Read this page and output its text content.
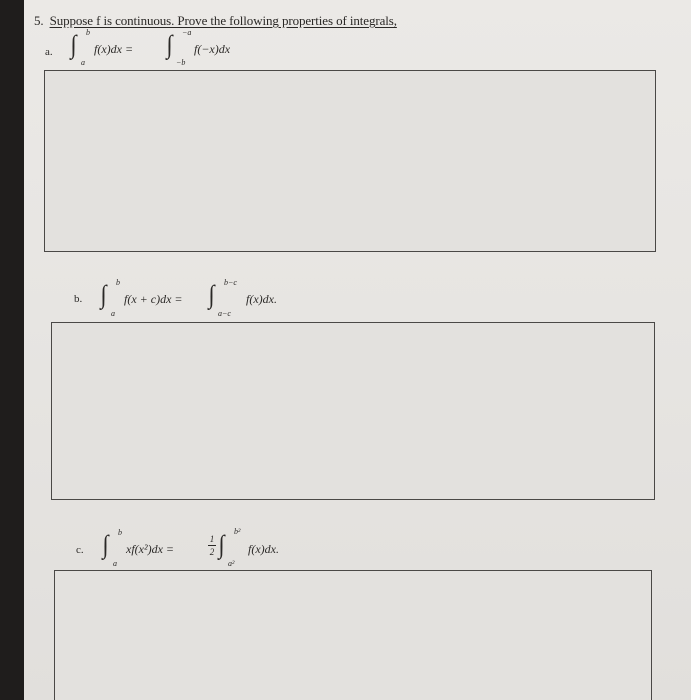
5. Suppose f is continuous. Prove the following properties of integrals,
a. ∫ b
a
f(x)dx = ∫ −a
−b
f(−x)dx
b. ∫ b
a
f(x + c)dx = ∫ b−c
a−c
f(x)dx.
c. ∫ b
a
xf(x²)dx =
1
2 ∫ b²
a²
f(x)dx.
